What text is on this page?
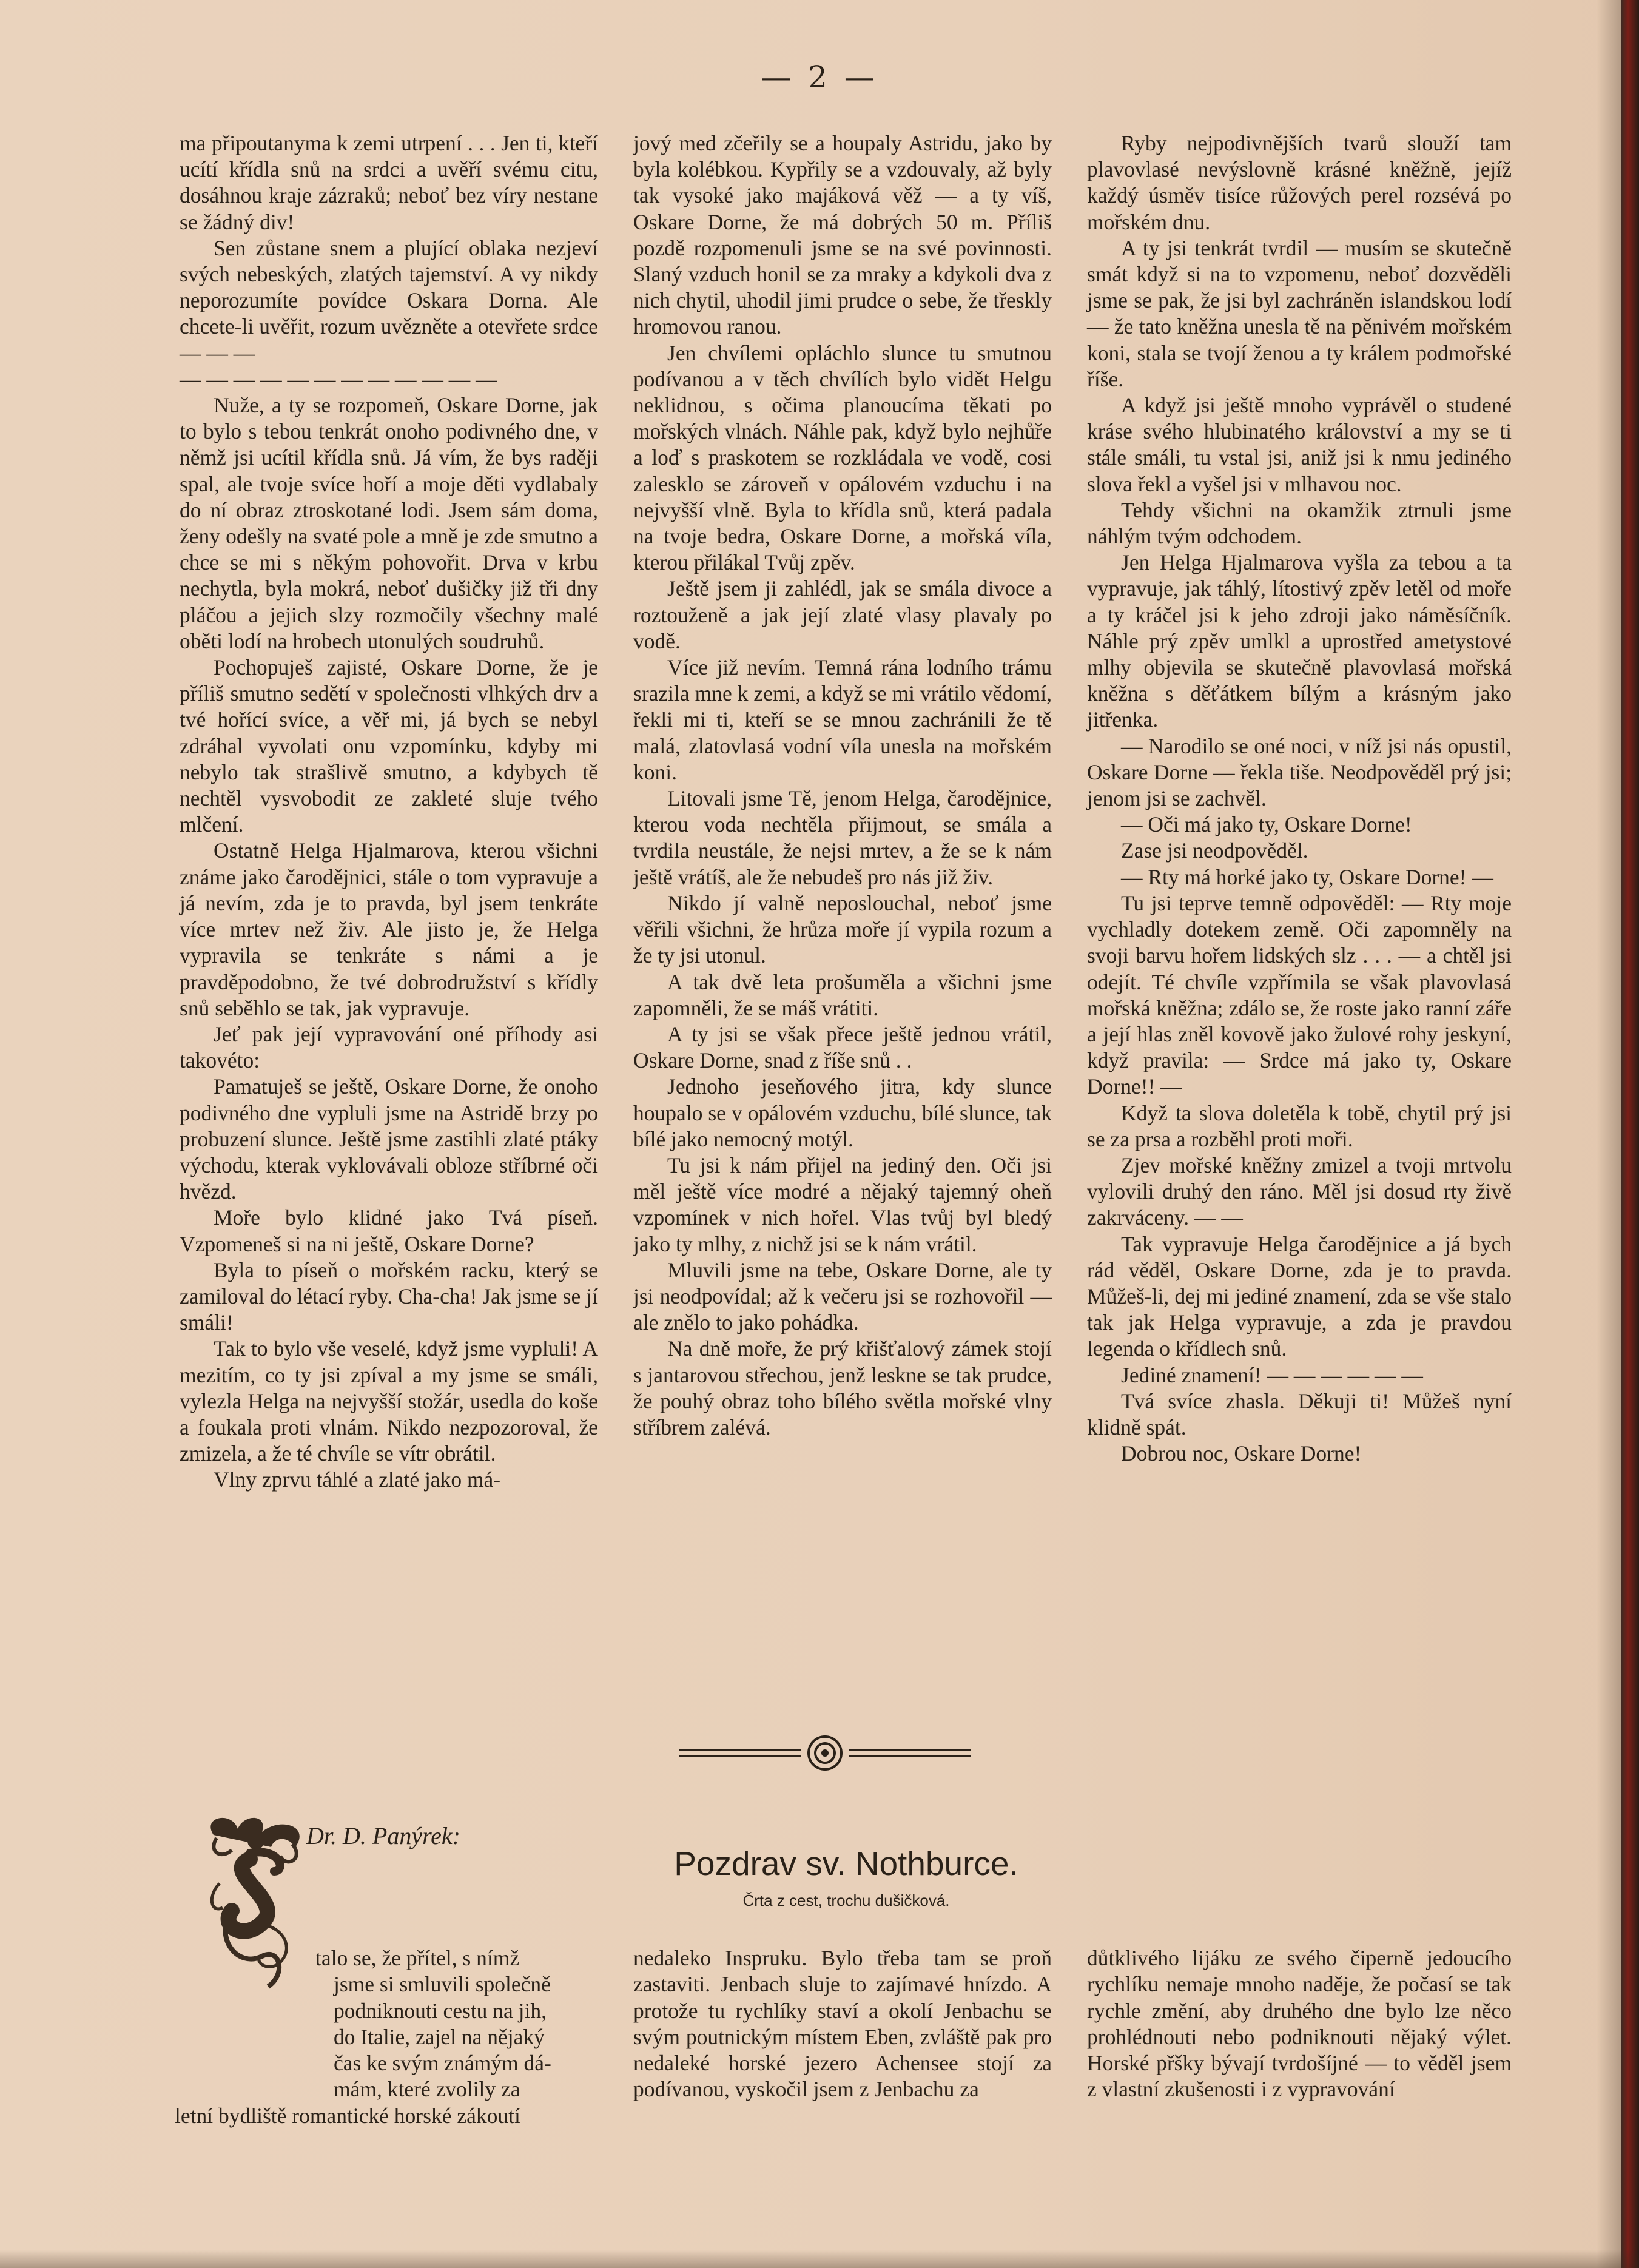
— 2 —

ma připoutanyma k zemi utrpení . . . Jen ti, kteří ucítí křídla snů na srdci a uvěří svému citu, dosáhnou kraje zázraků; neboť bez víry nestane se žádný div!

Sen zůstane snem a plující oblaka nezjeví svých nebeských, zlatých tajemství. A vy nikdy neporozumíte povídce Oskara Dorna. Ale chcete-li uvěřit, rozum uvězněte a otevřete srdce — — —

— — — — — — — — — — — —

Nuže, a ty se rozpomeň, Oskare Dorne, jak to bylo s tebou tenkrát onoho podivného dne, v němž jsi ucítil křídla snů. Já vím, že bys raději spal, ale tvoje svíce hoří a moje děti vydlabaly do ní obraz ztroskotané lodi. Jsem sám doma, ženy odešly na svaté pole a mně je zde smutno a chce se mi s někým pohovořit. Drva v krbu nechytla, byla mokrá, neboť dušičky již tři dny pláčou a jejich slzy rozmočily všechny malé oběti lodí na hrobech utonulých soudruhů.

Pochopuješ zajisté, Oskare Dorne, že je příliš smutno sedětí v společnosti vlhkých drv a tvé hořící svíce, a věř mi, já bych se nebyl zdráhal vyvolati onu vzpomínku, kdyby mi nebylo tak strašlivě smutno, a kdybych tě nechtěl vysvobodit ze zakleté sluje tvého mlčení.

Ostatně Helga Hjalmarova, kterou všichni známe jako čarodějnici, stále o tom vypravuje a já nevím, zda je to pravda, byl jsem tenkráte více mrtev než živ. Ale jisto je, že Helga vypravila se tenkráte s námi a je pravděpodobno, že tvé dobrodružství s křídly snů seběhlo se tak, jak vypravuje.

Jeť pak její vypravování oné příhody asi takovéto:

Pamatuješ se ještě, Oskare Dorne, že onoho podivného dne vypluli jsme na Astridě brzy po probuzení slunce. Ještě jsme zastihli zlaté ptáky východu, kterak vyklovávali obloze stříbrné oči hvězd.

Moře bylo klidné jako Tvá píseň. Vzpomeneš si na ni ještě, Oskare Dorne?

Byla to píseň o mořském racku, který se zamiloval do létací ryby. Cha-cha! Jak jsme se jí smáli!

Tak to bylo vše veselé, když jsme vypluli! A mezitím, co ty jsi zpíval a my jsme se smáli, vylezla Helga na nejvyšší stožár, usedla do koše a foukala proti vlnám. Nikdo nezpozoroval, že zmizela, a že té chvíle se vítr obrátil.

Vlny zprvu táhlé a zlaté jako má-

jový med zčeřily se a houpaly Astridu, jako by byla kolébkou. Kypřily se a vzdouvaly, až byly tak vysoké jako majáková věž — a ty víš, Oskare Dorne, že má dobrých 50 m. Příliš pozdě rozpomenuli jsme se na své povinnosti. Slaný vzduch honil se za mraky a kdykoli dva z nich chytil, uhodil jimi prudce o sebe, že třeskly hromovou ranou.

Jen chvílemi opláchlo slunce tu smutnou podívanou a v těch chvílích bylo vidět Helgu neklidnou, s očima planoucíma těkati po mořských vlnách. Náhle pak, když bylo nejhůře a loď s praskotem se rozkládala ve vodě, cosi zalesklo se zároveň v opálovém vzduchu i na nejvyšší vlně. Byla to křídla snů, která padala na tvoje bedra, Oskare Dorne, a mořská víla, kterou přilákal Tvůj zpěv.

Ještě jsem ji zahlédl, jak se smála divoce a roztouženě a jak její zlaté vlasy plavaly po vodě.

Více již nevím. Temná rána lodního trámu srazila mne k zemi, a když se mi vrátilo vědomí, řekli mi ti, kteří se se mnou zachránili že tě malá, zlatovlasá vodní víla unesla na mořském koni.

Litovali jsme Tě, jenom Helga, čarodějnice, kterou voda nechtěla přijmout, se smála a tvrdila neustále, že nejsi mrtev, a že se k nám ještě vrátíš, ale že nebudeš pro nás již živ.

Nikdo jí valně neposlouchal, neboť jsme věřili všichni, že hrůza moře jí vypila rozum a že ty jsi utonul.

A tak dvě leta prošuměla a všichni jsme zapomněli, že se máš vrátiti.

A ty jsi se však přece ještě jednou vrátil, Oskare Dorne, snad z říše snů . .

Jednoho jeseňového jitra, kdy slunce houpalo se v opálovém vzduchu, bílé slunce, tak bílé jako nemocný motýl.

Tu jsi k nám přijel na jediný den. Oči jsi měl ještě více modré a nějaký tajemný oheň vzpomínek v nich hořel. Vlas tvůj byl bledý jako ty mlhy, z nichž jsi se k nám vrátil.

Mluvili jsme na tebe, Oskare Dorne, ale ty jsi neodpovídal; až k večeru jsi se rozhovořil — ale znělo to jako pohádka.

Na dně moře, že prý křišťalový zámek stojí s jantarovou střechou, jenž leskne se tak prudce, že pouhý obraz toho bílého světla mořské vlny stříbrem zalévá.

Ryby nejpodivnějších tvarů slouží tam plavovlasé nevýslovně krásné kněžně, jejíž každý úsměv tisíce růžových perel rozsévá po mořském dnu.

A ty jsi tenkrát tvrdil — musím se skutečně smát když si na to vzpomenu, neboť dozvěděli jsme se pak, že jsi byl zachráněn islandskou lodí — že tato kněžna unesla tě na pěnivém mořském koni, stala se tvojí ženou a ty králem podmořské říše.

A když jsi ještě mnoho vyprávěl o studené kráse svého hlubinatého království a my se ti stále smáli, tu vstal jsi, aniž jsi k nmu jediného slova řekl a vyšel jsi v mlhavou noc.

Tehdy všichni na okamžik ztrnuli jsme náhlým tvým odchodem.

Jen Helga Hjalmarova vyšla za tebou a ta vypravuje, jak táhlý, lítostivý zpěv letěl od moře a ty kráčel jsi k jeho zdroji jako náměsíčník. Náhle prý zpěv umlkl a uprostřed ametystové mlhy objevila se skutečně plavovlasá mořská kněžna s děťátkem bílým a krásným jako jitřenka.

— Narodilo se oné noci, v níž jsi nás opustil, Oskare Dorne — řekla tiše. Neodpověděl prý jsi; jenom jsi se zachvěl.

— Oči má jako ty, Oskare Dorne!

Zase jsi neodpověděl.

— Rty má horké jako ty, Oskare Dorne! —

Tu jsi teprve temně odpověděl: — Rty moje vychladly dotekem země. Oči zapomněly na svoji barvu hořem lidských slz . . . — a chtěl jsi odejít. Té chvíle vzpřímila se však plavovlasá mořská kněžna; zdálo se, že roste jako ranní záře a její hlas zněl kovově jako žulové rohy jeskyní, když pravila: — Srdce má jako ty, Oskare Dorne!! —

Když ta slova doletěla k tobě, chytil prý jsi se za prsa a rozběhl proti moři.

Zjev mořské kněžny zmizel a tvoji mrtvolu vylovili druhý den ráno. Měl jsi dosud rty živě zakrváceny. — —

Tak vypravuje Helga čarodějnice a já bych rád věděl, Oskare Dorne, zda je to pravda. Můžeš-li, dej mi jediné znamení, zda se vše stalo tak jak Helga vypravuje, a zda je pravdou legenda o křídlech snů.

Jediné znamení! — — — — — —

Tvá svíce zhasla. Děkuji ti! Můžeš nyní klidně spát.

Dobrou noc, Oskare Dorne!

Dr. D. Panýrek:
Pozdrav sv. Nothburce.
Črta z cest, trochu dušičková.

talo se, že přítel, s nímž

jsme si smluvili společně

podniknouti cestu na jih,

do Italie, zajel na nějaký

čas ke svým známým dá-

mám, které zvolily za

letní bydliště romantické horské zákoutí

nedaleko Inspruku. Bylo třeba tam se proň zastaviti. Jenbach sluje to zajímavé hnízdo. A protože tu rychlíky staví a okolí Jenbachu se svým poutnickým místem Eben, zvláště pak pro nedaleké horské jezero Achensee stojí za podívanou, vyskočil jsem z Jenbachu za

důtklivého lijáku ze svého čiperně jedoucího rychlíku nemaje mnoho naděje, že počasí se tak rychle změní, aby druhého dne bylo lze něco prohlédnouti nebo podniknouti nějaký výlet. Horské přšky bývají tvrdošíjné — to věděl jsem z vlastní zkušenosti i z vypravování
